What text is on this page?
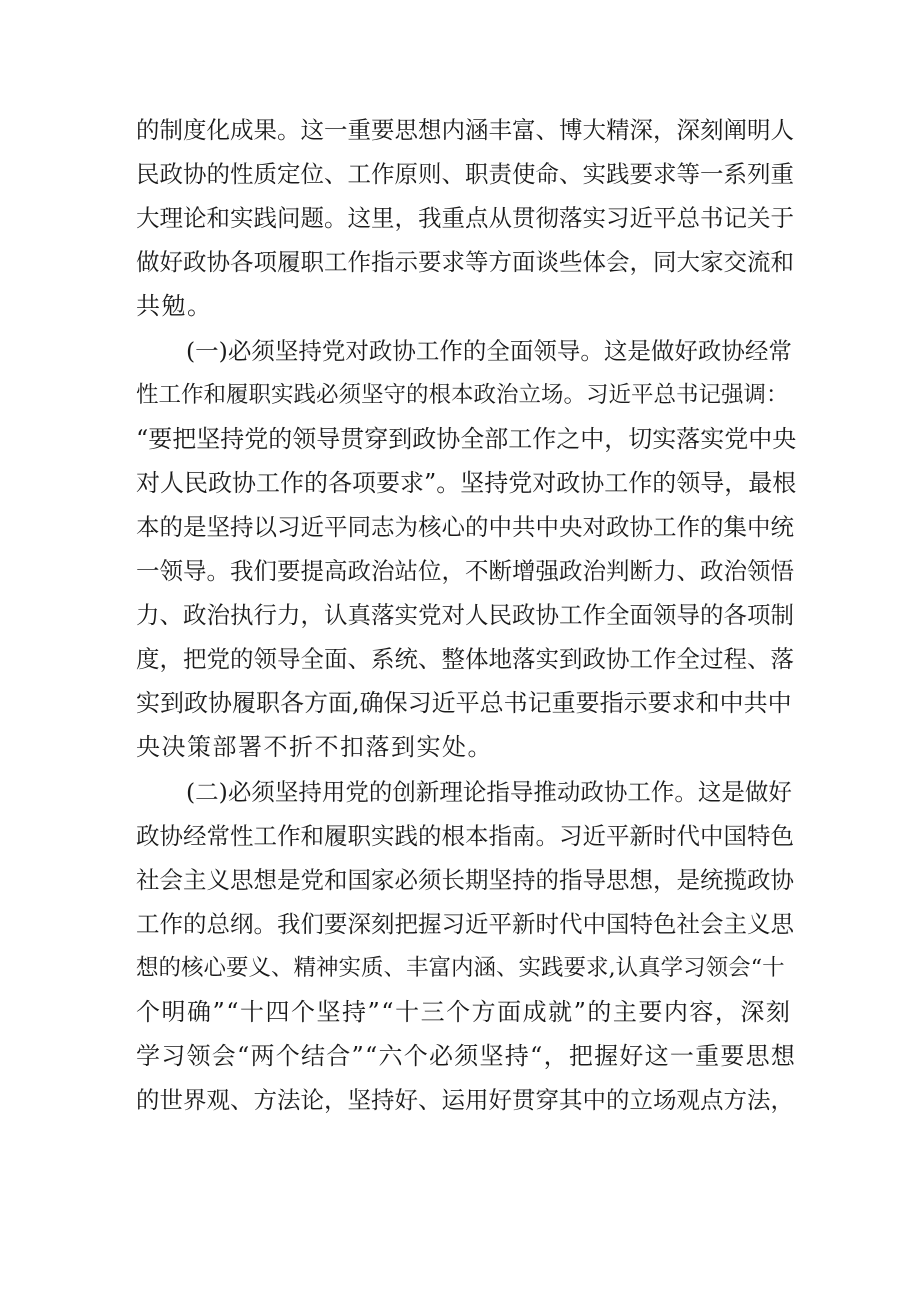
的制度化成果。这一重要思想内涵丰富、博大精深，深刻阐明人
民政协的性质定位、工作原则、职责使命、实践要求等一系列重
大理论和实践问题。这里，我重点从贯彻落实习近平总书记关于
做好政协各项履职工作指示要求等方面谈些体会，同大家交流和
共勉。
(一)必须坚持党对政协工作的全面领导。这是做好政协经常
性工作和履职实践必须坚守的根本政治立场。习近平总书记强调：
“要把坚持党的领导贯穿到政协全部工作之中，切实落实党中央
对人民政协工作的各项要求”。坚持党对政协工作的领导，最根
本的是坚持以习近平同志为核心的中共中央对政协工作的集中统
一领导。我们要提高政治站位，不断增强政治判断力、政治领悟
力、政治执行力，认真落实党对人民政协工作全面领导的各项制
度，把党的领导全面、系统、整体地落实到政协工作全过程、落
实到政协履职各方面,确保习近平总书记重要指示要求和中共中
央决策部署不折不扣落到实处。
(二)必须坚持用党的创新理论指导推动政协工作。这是做好
政协经常性工作和履职实践的根本指南。习近平新时代中国特色
社会主义思想是党和国家必须长期坚持的指导思想，是统揽政协
工作的总纲。我们要深刻把握习近平新时代中国特色社会主义思
想的核心要义、精神实质、丰富内涵、实践要求,认真学习领会“十
个明确”“十四个坚持”“十三个方面成就”的主要内容，深刻
学习领会“两个结合”“六个必须坚持“，把握好这一重要思想
的世界观、方法论，坚持好、运用好贯穿其中的立场观点方法，
